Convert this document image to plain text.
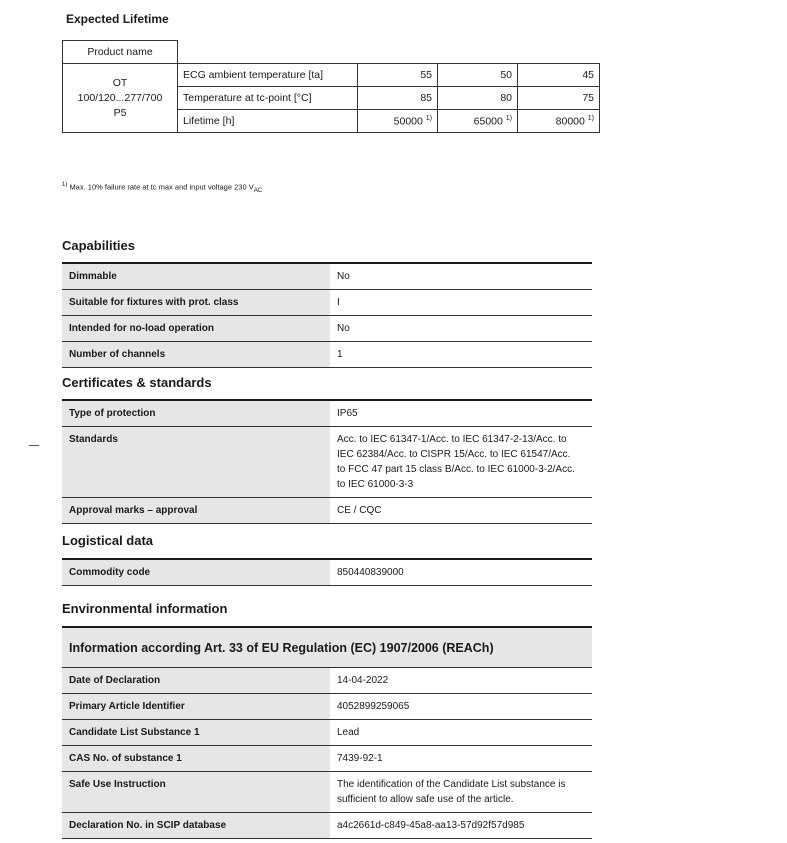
Expected Lifetime
Product name				

OT
100/120...277/700
P5	ECG ambient temperature [ta]	55	50	45
	Temperature at tc-point [°C]	85	80	75
	Lifetime [h]	50000 $^{1)}$	65000 $^{1)}$	80000 $^{1)}$
$^{1)}$ Max. 10% failure rate at tc max and input voltage 230 $V_{AC}$
Capabilities
Dimmable	No
Suitable for fixtures with prot. class	I
Intended for no-load operation	No
Number of channels	1
Certificates & standards
Type of protection	IP65
Standards	Acc. to IEC 61347-1/Acc. to IEC 61347-2-13/Acc. to IEC 62384/Acc. to CISPR 15/Acc. to IEC 61547/Acc. to FCC 47 part 15 class B/Acc. to IEC 61000-3-2/Acc. to IEC 61000-3-3
Approval marks – approval	CE / CQC
Logistical data
Commodity code	850440839000
Environmental information
Information according Art. 33 of EU Regulation (EC) 1907/2006 (REACh)
Date of Declaration	14-04-2022
Primary Article Identifier	4052899259065
Candidate List Substance 1	Lead
CAS No. of substance 1	7439-92-1
Safe Use Instruction	The identification of the Candidate List substance is sufficient to allow safe use of the article.
Declaration No. in SCIP database	a4c2661d-c849-45a8-aa13-57d92f57d985
